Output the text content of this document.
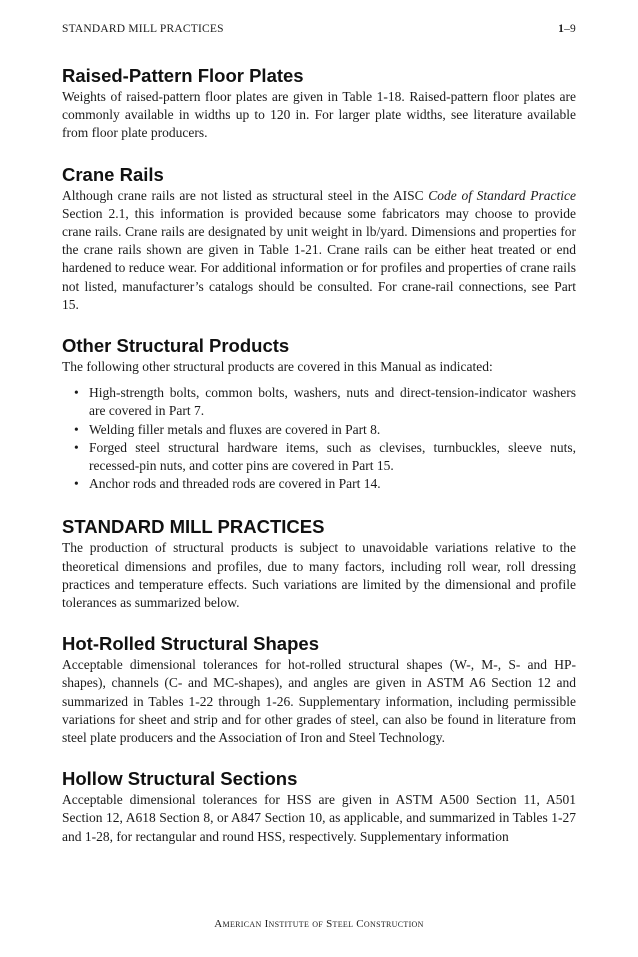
STANDARD MILL PRACTICES	1–9
Raised-Pattern Floor Plates

Weights of raised-pattern floor plates are given in Table 1-18. Raised-pattern floor plates are commonly available in widths up to 120 in. For larger plate widths, see literature available from floor plate producers.

Crane Rails

Although crane rails are not listed as structural steel in the AISC Code of Standard Practice Section 2.1, this information is provided because some fabricators may choose to provide crane rails. Crane rails are designated by unit weight in lb/yard. Dimensions and properties for the crane rails shown are given in Table 1-21. Crane rails can be either heat treated or end hardened to reduce wear. For additional information or for profiles and properties of crane rails not listed, manufacturer’s catalogs should be consulted. For crane-rail connections, see Part 15.

Other Structural Products

The following other structural products are covered in this Manual as indicated:

• High-strength bolts, common bolts, washers, nuts and direct-tension-indicator washers are covered in Part 7.
• Welding filler metals and fluxes are covered in Part 8.
• Forged steel structural hardware items, such as clevises, turnbuckles, sleeve nuts, recessed-pin nuts, and cotter pins are covered in Part 15.
• Anchor rods and threaded rods are covered in Part 14.
STANDARD MILL PRACTICES

The production of structural products is subject to unavoidable variations relative to the theoretical dimensions and profiles, due to many factors, including roll wear, roll dressing practices and temperature effects. Such variations are limited by the dimensional and profile tolerances as summarized below.

Hot-Rolled Structural Shapes

Acceptable dimensional tolerances for hot-rolled structural shapes (W-, M-, S- and HP-shapes), channels (C- and MC-shapes), and angles are given in ASTM A6 Section 12 and summarized in Tables 1-22 through 1-26. Supplementary information, including permissible variations for sheet and strip and for other grades of steel, can also be found in literature from steel plate producers and the Association of Iron and Steel Technology.

Hollow Structural Sections

Acceptable dimensional tolerances for HSS are given in ASTM A500 Section 11, A501 Section 12, A618 Section 8, or A847 Section 10, as applicable, and summarized in Tables 1-27 and 1-28, for rectangular and round HSS, respectively. Supplementary information

American Institute of Steel Construction
